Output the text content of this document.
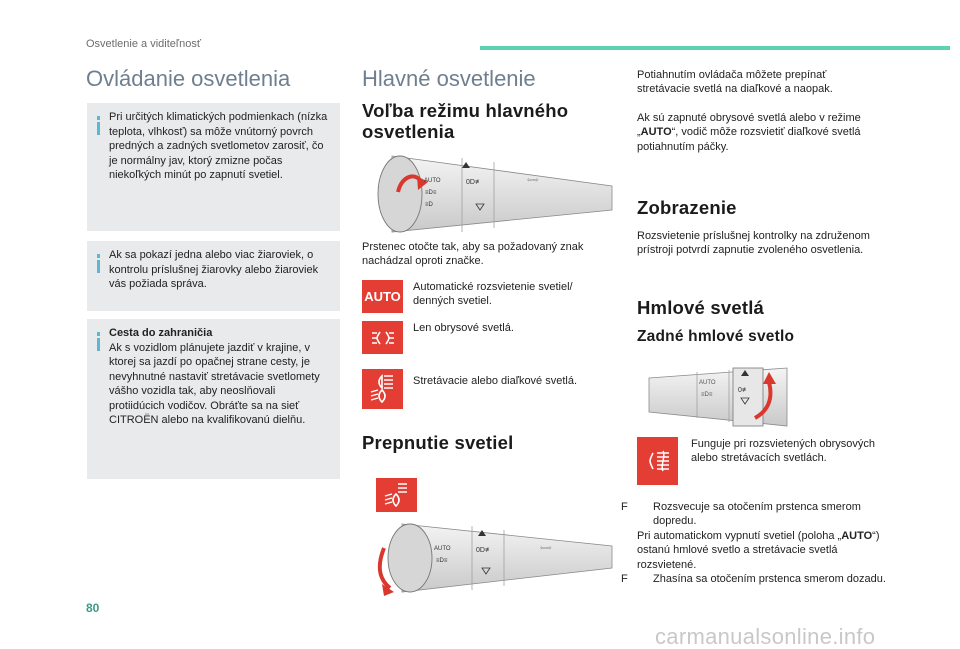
Osvetlenie a viditeľnosť
Ovládanie osvetlenia
Pri určitých klimatických podmienkach (nízka teplota, vlhkosť) sa môže vnútorný povrch predných a zadných svetlometov zarosiť, čo je normálny jav, ktorý zmizne počas niekoľkých minút po zapnutí svetiel.
Ak sa pokazí jedna alebo viac žiaroviek, o kontrolu príslušnej žiarovky alebo žiaroviek vás požiada správa.
Cesta do zahraničia
Ak s vozidlom plánujete jazdiť v krajine, v ktorej sa jazdí po opačnej strane cesty, je nevyhnutné nastaviť stretávacie svetlomety vášho vozidla tak, aby neoslňovali protiidúcich vodičov. Obráťte sa na sieť CITROËN alebo na kvalifikovanú dielňu.
Hlavné osvetlenie
Voľba režimu hlavného osvetlenia
AUTO
≡D≡
≡D
0D≢	⇦⇨
Prstenec otočte tak, aby sa požadovaný znak nachádzal oproti značke.
AUTO
Automatické rozsvietenie svetiel/ denných svetiel.
Len obrysové svetlá.
Stretávacie alebo diaľkové svetlá.
Prepnutie svetiel
AUTO
≡D≡
0D≢	⇦⇨
Potiahnutím ovládača môžete prepínať stretávacie svetlá na diaľkové a naopak.
Ak sú zapnuté obrysové svetlá alebo v režime „AUTO“, vodič môže rozsvietiť diaľkové svetlá potiahnutím páčky.
Zobrazenie
Rozsvietenie príslušnej kontrolky na združenom prístroji potvrdí zapnutie zvoleného osvetlenia.
Hmlové svetlá
Zadné hmlové svetlo
AUTO
≡D≡
0≢
Funguje pri rozsvietených obrysových alebo stretávacích svetlách.
F Rozsvecuje sa otočením prstenca smerom dopredu.
Pri automatickom vypnutí svetiel (poloha „AUTO“) ostanú hmlové svetlo a stretávacie svetlá rozsvietené.
F Zhasína sa otočením prstenca smerom dozadu.
80
carmanualsonline.info
